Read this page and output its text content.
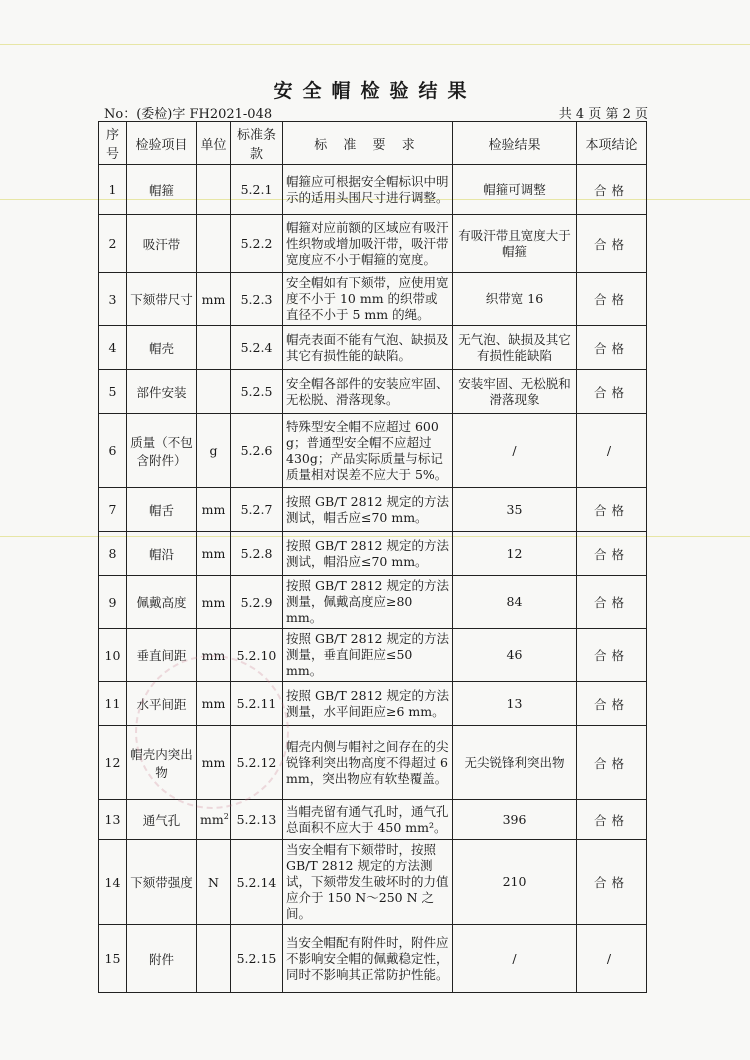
安全帽检验结果
No：(委检)字 FH2021-048	共 4 页 第 2 页
序号	检验项目	单位	标准条款	标 准 要 求	检验结果	本项结论
1	帽箍		5.2.1	帽箍应可根据安全帽标识中明示的适用头围尺寸进行调整。	帽箍可调整	合格
2	吸汗带		5.2.2	帽箍对应前额的区域应有吸汗性织物或增加吸汗带，吸汗带宽度应不小于帽箍的宽度。	有吸汗带且宽度大于帽箍	合格
3	下颏带尺寸	mm	5.2.3	安全帽如有下颏带，应使用宽度不小于 10 mm 的织带或直径不小于 5 mm 的绳。	织带宽 16	合格
4	帽壳		5.2.4	帽壳表面不能有气泡、缺损及其它有损性能的缺陷。	无气泡、缺损及其它有损性能缺陷	合格
5	部件安装		5.2.5	安全帽各部件的安装应牢固、无松脱、滑落现象。	安装牢固、无松脱和滑落现象	合格
6	质量（不包含附件）	g	5.2.6	特殊型安全帽不应超过 600 g；普通型安全帽不应超过 430g；产品实际质量与标记质量相对误差不应大于 5%。	/	/
7	帽舌	mm	5.2.7	按照 GB/T 2812 规定的方法测试，帽舌应≤70 mm。	35	合格
8	帽沿	mm	5.2.8	按照 GB/T 2812 规定的方法测试，帽沿应≤70 mm。	12	合格
9	佩戴高度	mm	5.2.9	按照 GB/T 2812 规定的方法测量，佩戴高度应≥80 mm。	84	合格
10	垂直间距	mm	5.2.10	按照 GB/T 2812 规定的方法测量，垂直间距应≤50 mm。	46	合格
11	水平间距	mm	5.2.11	按照 GB/T 2812 规定的方法测量，水平间距应≥6 mm。	13	合格
12	帽壳内突出物	mm	5.2.12	帽壳内侧与帽衬之间存在的尖锐锋利突出物高度不得超过 6 mm，突出物应有软垫覆盖。	无尖锐锋利突出物	合格
13	通气孔	$mm^2$	5.2.13	当帽壳留有通气孔时，通气孔总面积不应大于 450 mm²。	396	合格
14	下颏带强度	N	5.2.14	当安全帽有下颏带时，按照 GB/T 2812 规定的方法测试，下颏带发生破坏时的力值应介于 150 N～250 N 之间。	210	合格
15	附件		5.2.15	当安全帽配有附件时，附件应不影响安全帽的佩戴稳定性，同时不影响其正常防护性能。	/	/
